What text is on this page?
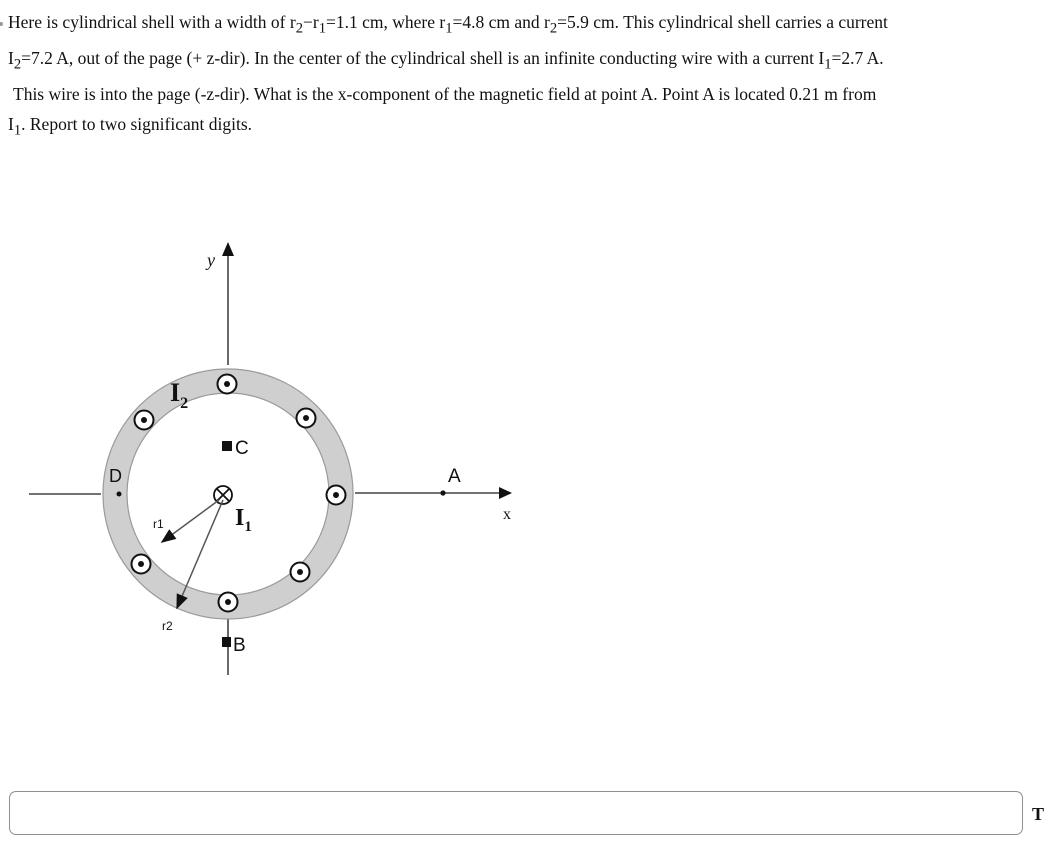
Here is cylindrical shell with a width of $r_2-r_1=1.1$ cm, where $r_1=4.8$ cm and $r_2=5.9$ cm. This cylindrical shell carries a current

$I_2=7.2$ A, out of the page (+ z-dir). In the center of the cylindrical shell is an infinite conducting wire with a current $I_1=2.7$ A.

This wire is into the page (-z-dir). What is the x-component of the magnetic field at point A. Point A is located 0.21 m from

$I_1$. Report to two significant digits.

y
x
C
B
D	A
r1
r2
$I_2$
$I_1$
T
